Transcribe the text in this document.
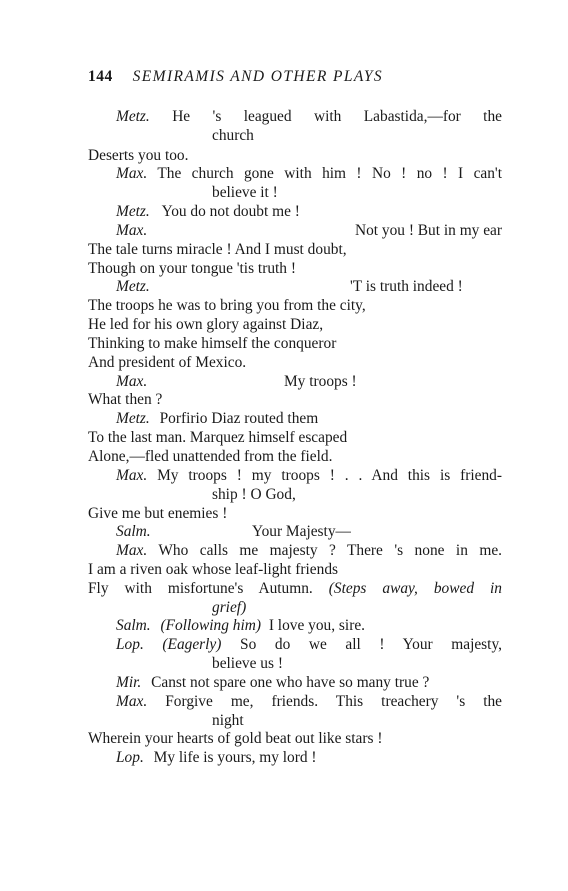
144 SEMIRAMIS AND OTHER PLAYS
Metz. He 's leagued with Labastida,—for the
church
Deserts you too.
Max. The church gone with him ! No ! no ! I can't
believe it !
Metz. You do not doubt me !
Max.	Not you ! But in my ear
The tale turns miracle ! And I must doubt,
Though on your tongue 'tis truth !
Metz.	'T is truth indeed !
The troops he was to bring you from the city,
He led for his own glory against Diaz,
Thinking to make himself the conqueror
And president of Mexico.
Max.	My troops !
What then ?
Metz. Porfirio Diaz routed them
To the last man. Marquez himself escaped
Alone,—fled unattended from the field.
Max. My troops ! my troops ! . . And this is friend-
ship ! O God,
Give me but enemies !
Salm.	Your Majesty—
Max. Who calls me majesty ? There 's none in me.
I am a riven oak whose leaf-light friends
Fly with misfortune's Autumn. (Steps away, bowed in
grief)
Salm. (Following him) I love you, sire.
Lop. (Eagerly) So do we all ! Your majesty,
believe us !
Mir. Canst not spare one who have so many true ?
Max. Forgive me, friends. This treachery 's the
night
Wherein your hearts of gold beat out like stars !
Lop. My life is yours, my lord !
